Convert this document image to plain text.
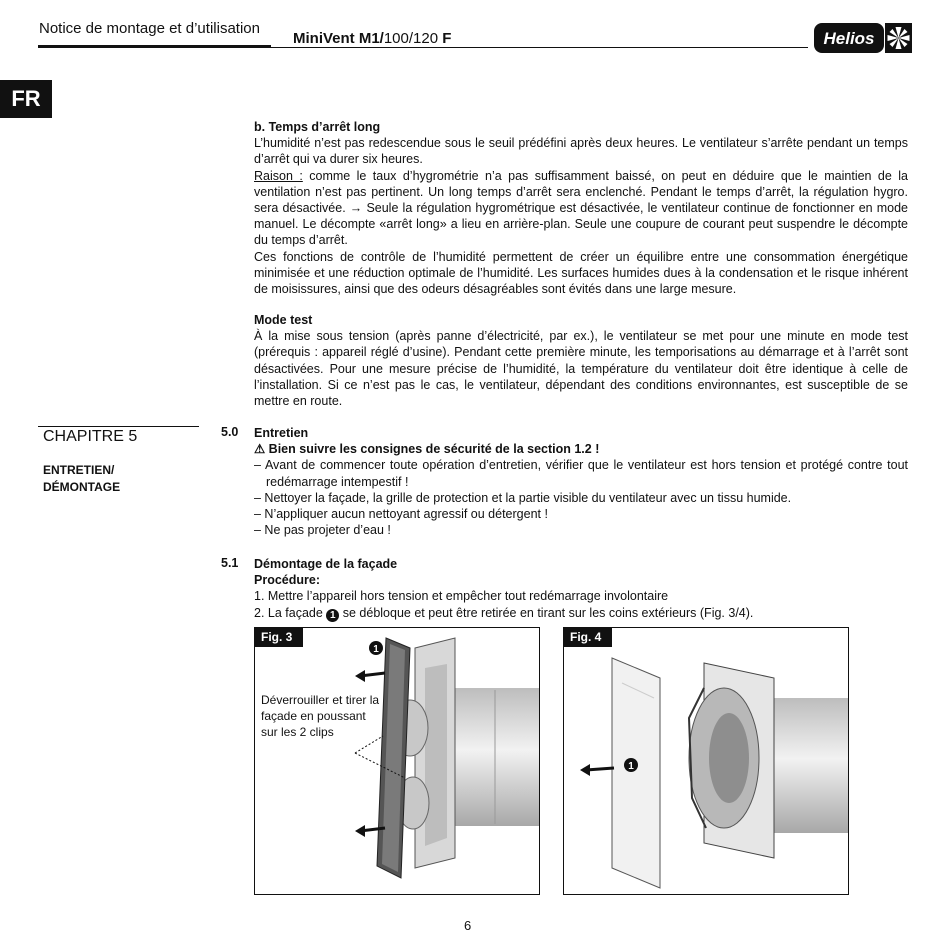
Notice de montage et d’utilisation
MiniVent M1/100/120 F	Helios
FR

b. Temps d’arrêt long

L’humidité n’est pas redescendue sous le seuil prédéfini après deux heures. Le ventilateur s’arrête pendant un temps d’arrêt qui va durer six heures.

Raison : comme le taux d’hygrométrie n’a pas suffisamment baissé, on peut en déduire que le maintien de la ventilation n’est pas pertinent. Un long temps d’arrêt sera enclenché. Pendant le temps d’arrêt, la régulation hygro. sera désactivée. → Seule la régulation hygrométrique est désactivée, le ventilateur continue de fonctionner en mode manuel. Le décompte «arrêt long» a lieu en arrière-plan. Seule une coupure de courant peut suspendre le décompte du temps d’arrêt.

Ces fonctions de contrôle de l’humidité permettent de créer un équilibre entre une consommation énergétique minimisée et une réduction optimale de l’humidité. Les surfaces humides dues à la condensation et le risque inhérent de moisissures, ainsi que des odeurs désagréables sont évités dans une large mesure.

Mode test

À la mise sous tension (après panne d’électricité, par ex.), le ventilateur se met pour une minute en mode test (prérequis : appareil réglé d’usine). Pendant cette première minute, les temporisations au démarrage et à l’arrêt sont désactivées. Pour une mesure précise de l’humidité, la température du ventilateur doit être identique à celle de l’installation. Si ce n’est pas le cas, le ventilateur, dépendant des conditions environnantes, est susceptible de se mettre en route.

CHAPITRE 5
ENTRETIEN/
DÉMONTAGE
5.0 Entretien

⚠ Bien suivre les consignes de sécurité de la section 1.2 !

– Avant de commencer toute opération d’entretien, vérifier que le ventilateur est hors tension et protégé contre tout redémarrage intempestif !
– Nettoyer la façade, la grille de protection et la partie visible du ventilateur avec un tissu humide.
– N’appliquer aucun nettoyant agressif ou détergent !
– Ne pas projeter d’eau !
5.1 Démontage de la façade

Procédure:

1. Mettre l’appareil hors tension et empêcher tout redémarrage involontaire

2. La façade 1 se débloque et peut être retirée en tirant sur les coins extérieurs (Fig. 3/4).

Fig. 3
1
Déverrouiller et tirer la
façade en poussant
sur les 2 clips
Fig. 4
1
6
